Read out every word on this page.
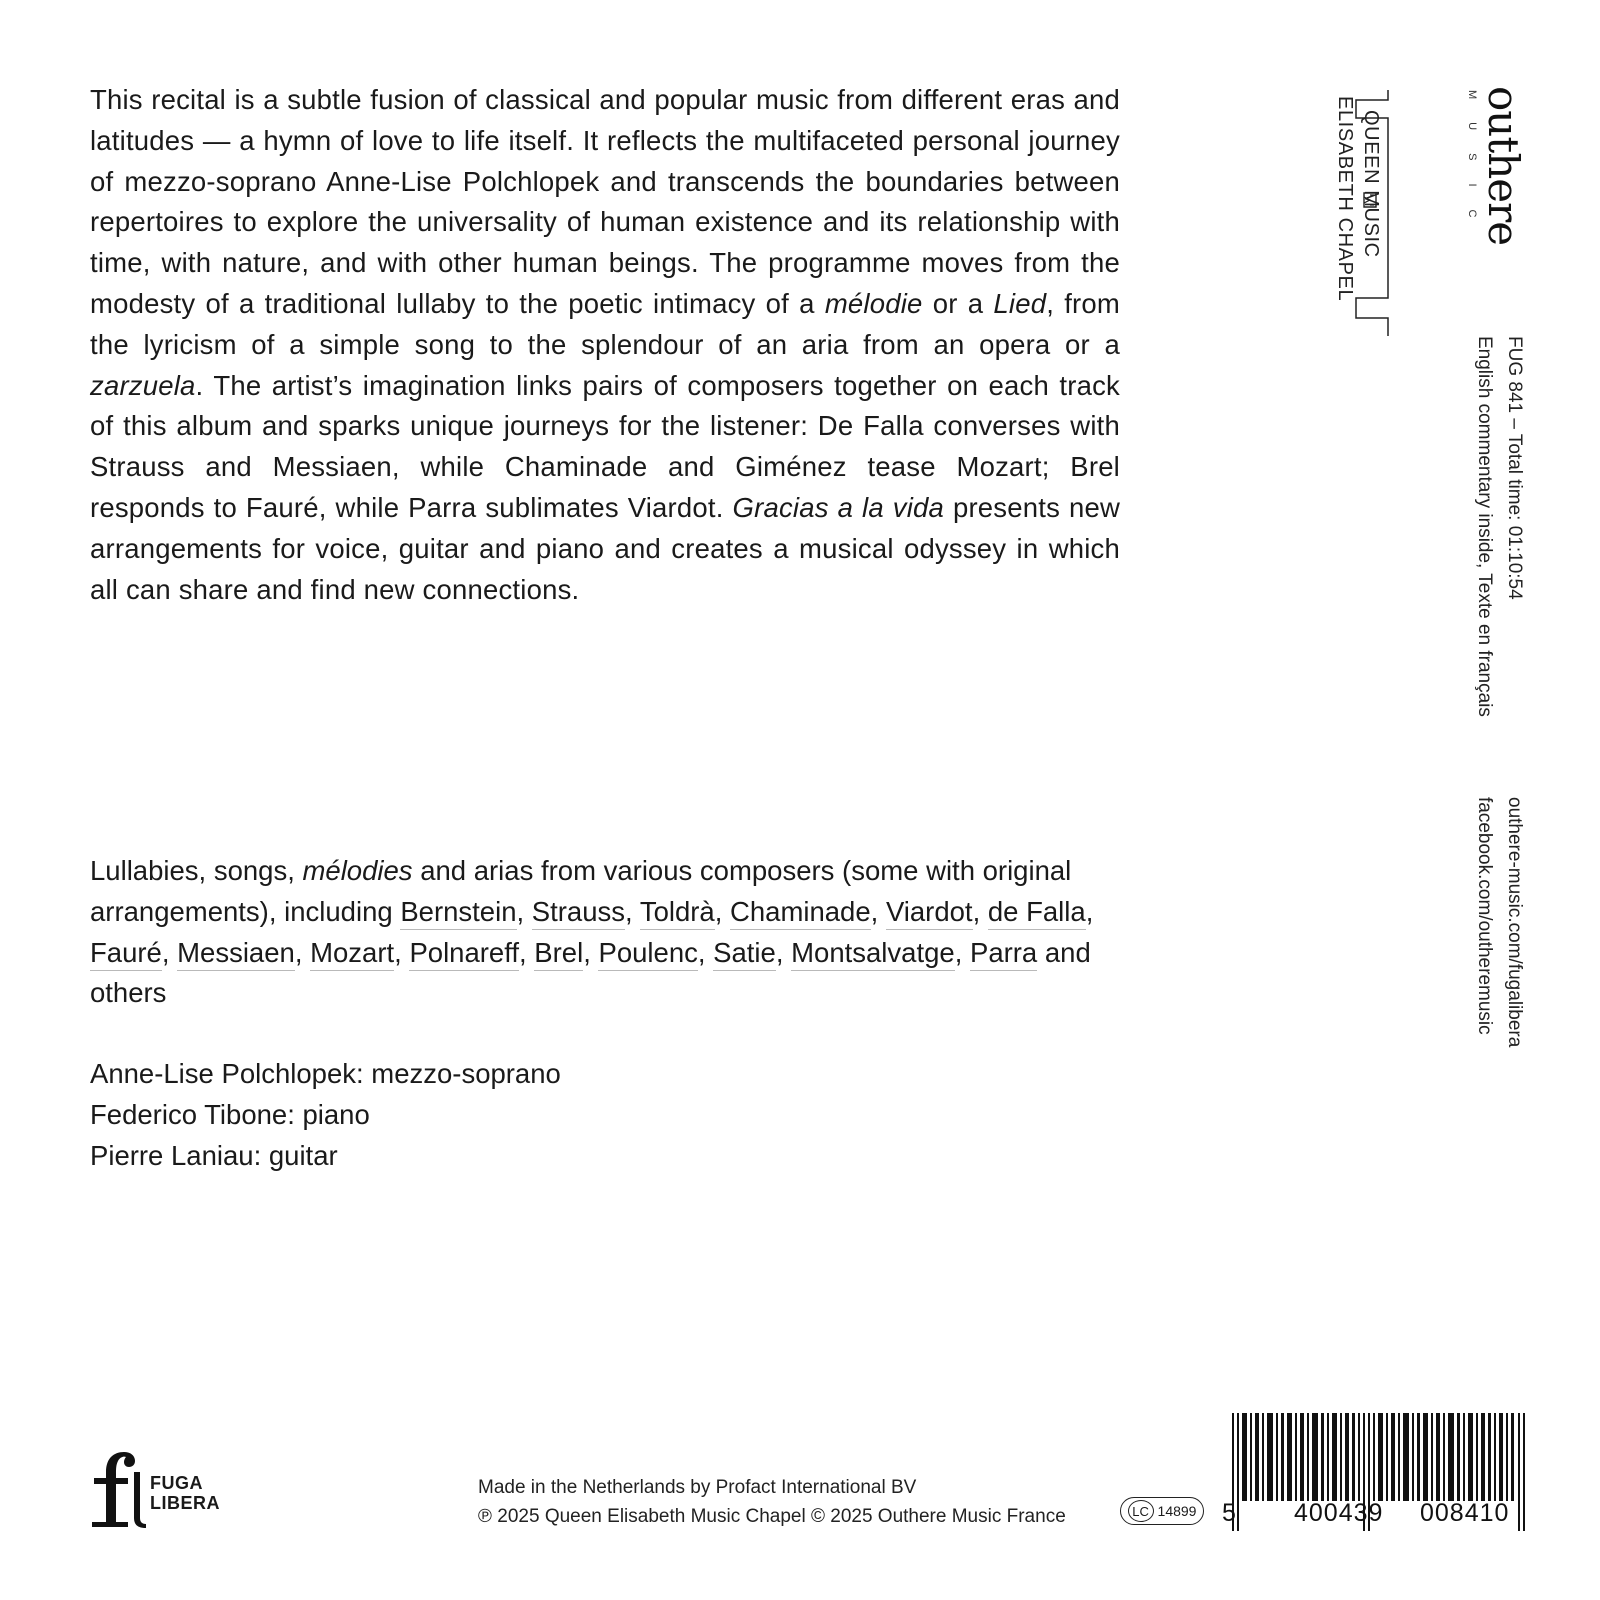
This recital is a subtle fusion of classical and popular music from different eras and latitudes — a hymn of love to life itself. It reflects the multifaceted personal journey of mezzo-soprano Anne-Lise Polchlopek and transcends the boundaries between repertoires to explore the universality of human existence and its relationship with time, with nature, and with other human beings. The programme moves from the modesty of a traditional lullaby to the poetic intimacy of a mélodie or a Lied, from the lyricism of a simple song to the splendour of an aria from an opera or a zarzuela. The artist’s imagination links pairs of composers together on each track of this album and sparks unique journeys for the listener: De Falla converses with Strauss and Messiaen, while Chaminade and Giménez tease Mozart; Brel responds to Fauré, while Parra sublimates Viardot. Gracias a la vida presents new arrangements for voice, guitar and piano and creates a musical odyssey in which all can share and find new connections.
Lullabies, songs, mélodies and arias from various composers (some with original arrangements), including Bernstein, Strauss, Toldrà, Chaminade, Viardot, de Falla, Fauré, Messiaen, Mozart, Polnareff, Brel, Poulenc, Satie, Montsalvatge, Parra and others
Anne-Lise Polchlopek: mezzo-soprano
Federico Tibone: piano
Pierre Laniau: guitar
outhere
MUSIC
QUEEN MUSIC
ELISABETH CHAPEL
FUG 841 – Total time: 01:10:54
English commentary inside, Texte en français
outhere-music.com/fugalibera
facebook.com/outheremusic
FUGA
LIBERA
Made in the Netherlands by Profact International BV
℗ 2025 Queen Elisabeth Music Chapel © 2025 Outhere Music France	LC 14899 5 400439 008410
